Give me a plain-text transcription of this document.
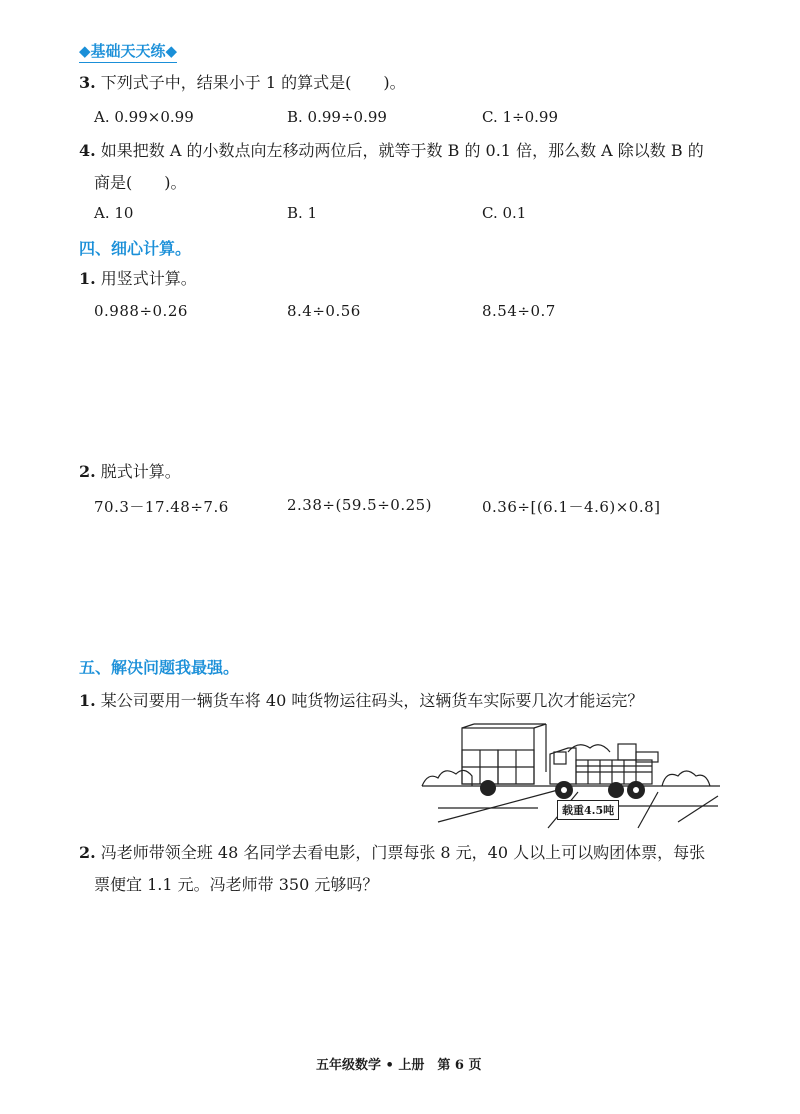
◆基础天天练◆
3. 下列式子中，结果小于 1 的算式是(　　)。
A. 0.99×0.99	B. 0.99÷0.99	C. 1÷0.99
4. 如果把数 A 的小数点向左移动两位后，就等于数 B 的 0.1 倍，那么数 A 除以数 B 的
商是(　　)。
A. 10	B. 1	C. 0.1
四、细心计算。
1. 用竖式计算。
0.988÷0.26	8.4÷0.56	8.54÷0.7
2. 脱式计算。
70.3－17.48÷7.6	2.38÷(59.5÷0.25)	0.36÷[(6.1－4.6)×0.8]
五、解决问题我最强。
1. 某公司要用一辆货车将 40 吨货物运往码头，这辆货车实际要几次才能运完？
载重4.5吨
2. 冯老师带领全班 48 名同学去看电影，门票每张 8 元，40 人以上可以购团体票，每张
票便宜 1.1 元。冯老师带 350 元够吗？
五年级数学 • 上册　第 6 页
